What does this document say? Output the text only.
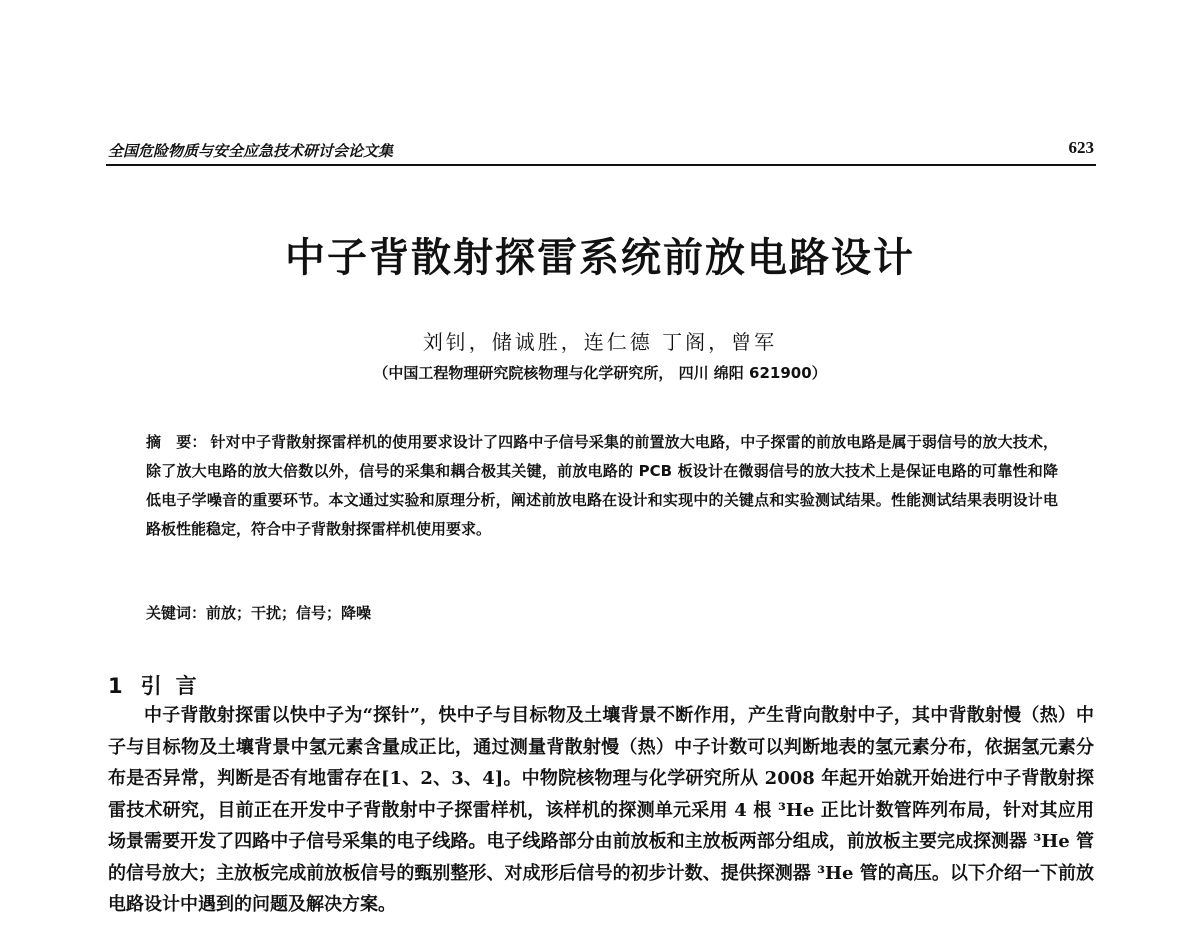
全国危险物质与安全应急技术研讨会论文集	623
中子背散射探雷系统前放电路设计
刘钊，储诚胜，连仁德 丁阁，曾军
（中国工程物理研究院核物理与化学研究所， 四川 绵阳 621900）
摘　要： 针对中子背散射探雷样机的使用要求设计了四路中子信号采集的前置放大电路，中子探雷的前放电路是属于弱信号的放大技术，除了放大电路的放大倍数以外，信号的采集和耦合极其关键，前放电路的 PCB 板设计在微弱信号的放大技术上是保证电路的可靠性和降低电子学噪音的重要环节。本文通过实验和原理分析，阐述前放电路在设计和实现中的关键点和实验测试结果。性能测试结果表明设计电路板性能稳定，符合中子背散射探雷样机使用要求。
关键词：前放；干扰；信号；降噪
1 引言
中子背散射探雷以快中子为“探针”，快中子与目标物及土壤背景不断作用，产生背向散射中子，其中背散射慢（热）中子与目标物及土壤背景中氢元素含量成正比，通过测量背散射慢（热）中子计数可以判断地表的氢元素分布，依据氢元素分布是否异常，判断是否有地雷存在[1、2、3、4]。中物院核物理与化学研究所从 2008 年起开始就开始进行中子背散射探雷技术研究，目前正在开发中子背散射中子探雷样机，该样机的探测单元采用 4 根 ³He 正比计数管阵列布局，针对其应用场景需要开发了四路中子信号采集的电子线路。电子线路部分由前放板和主放板两部分组成，前放板主要完成探测器 ³He 管的信号放大；主放板完成前放板信号的甄别整形、对成形后信号的初步计数、提供探测器 ³He 管的高压。以下介绍一下前放电路设计中遇到的问题及解决方案。
